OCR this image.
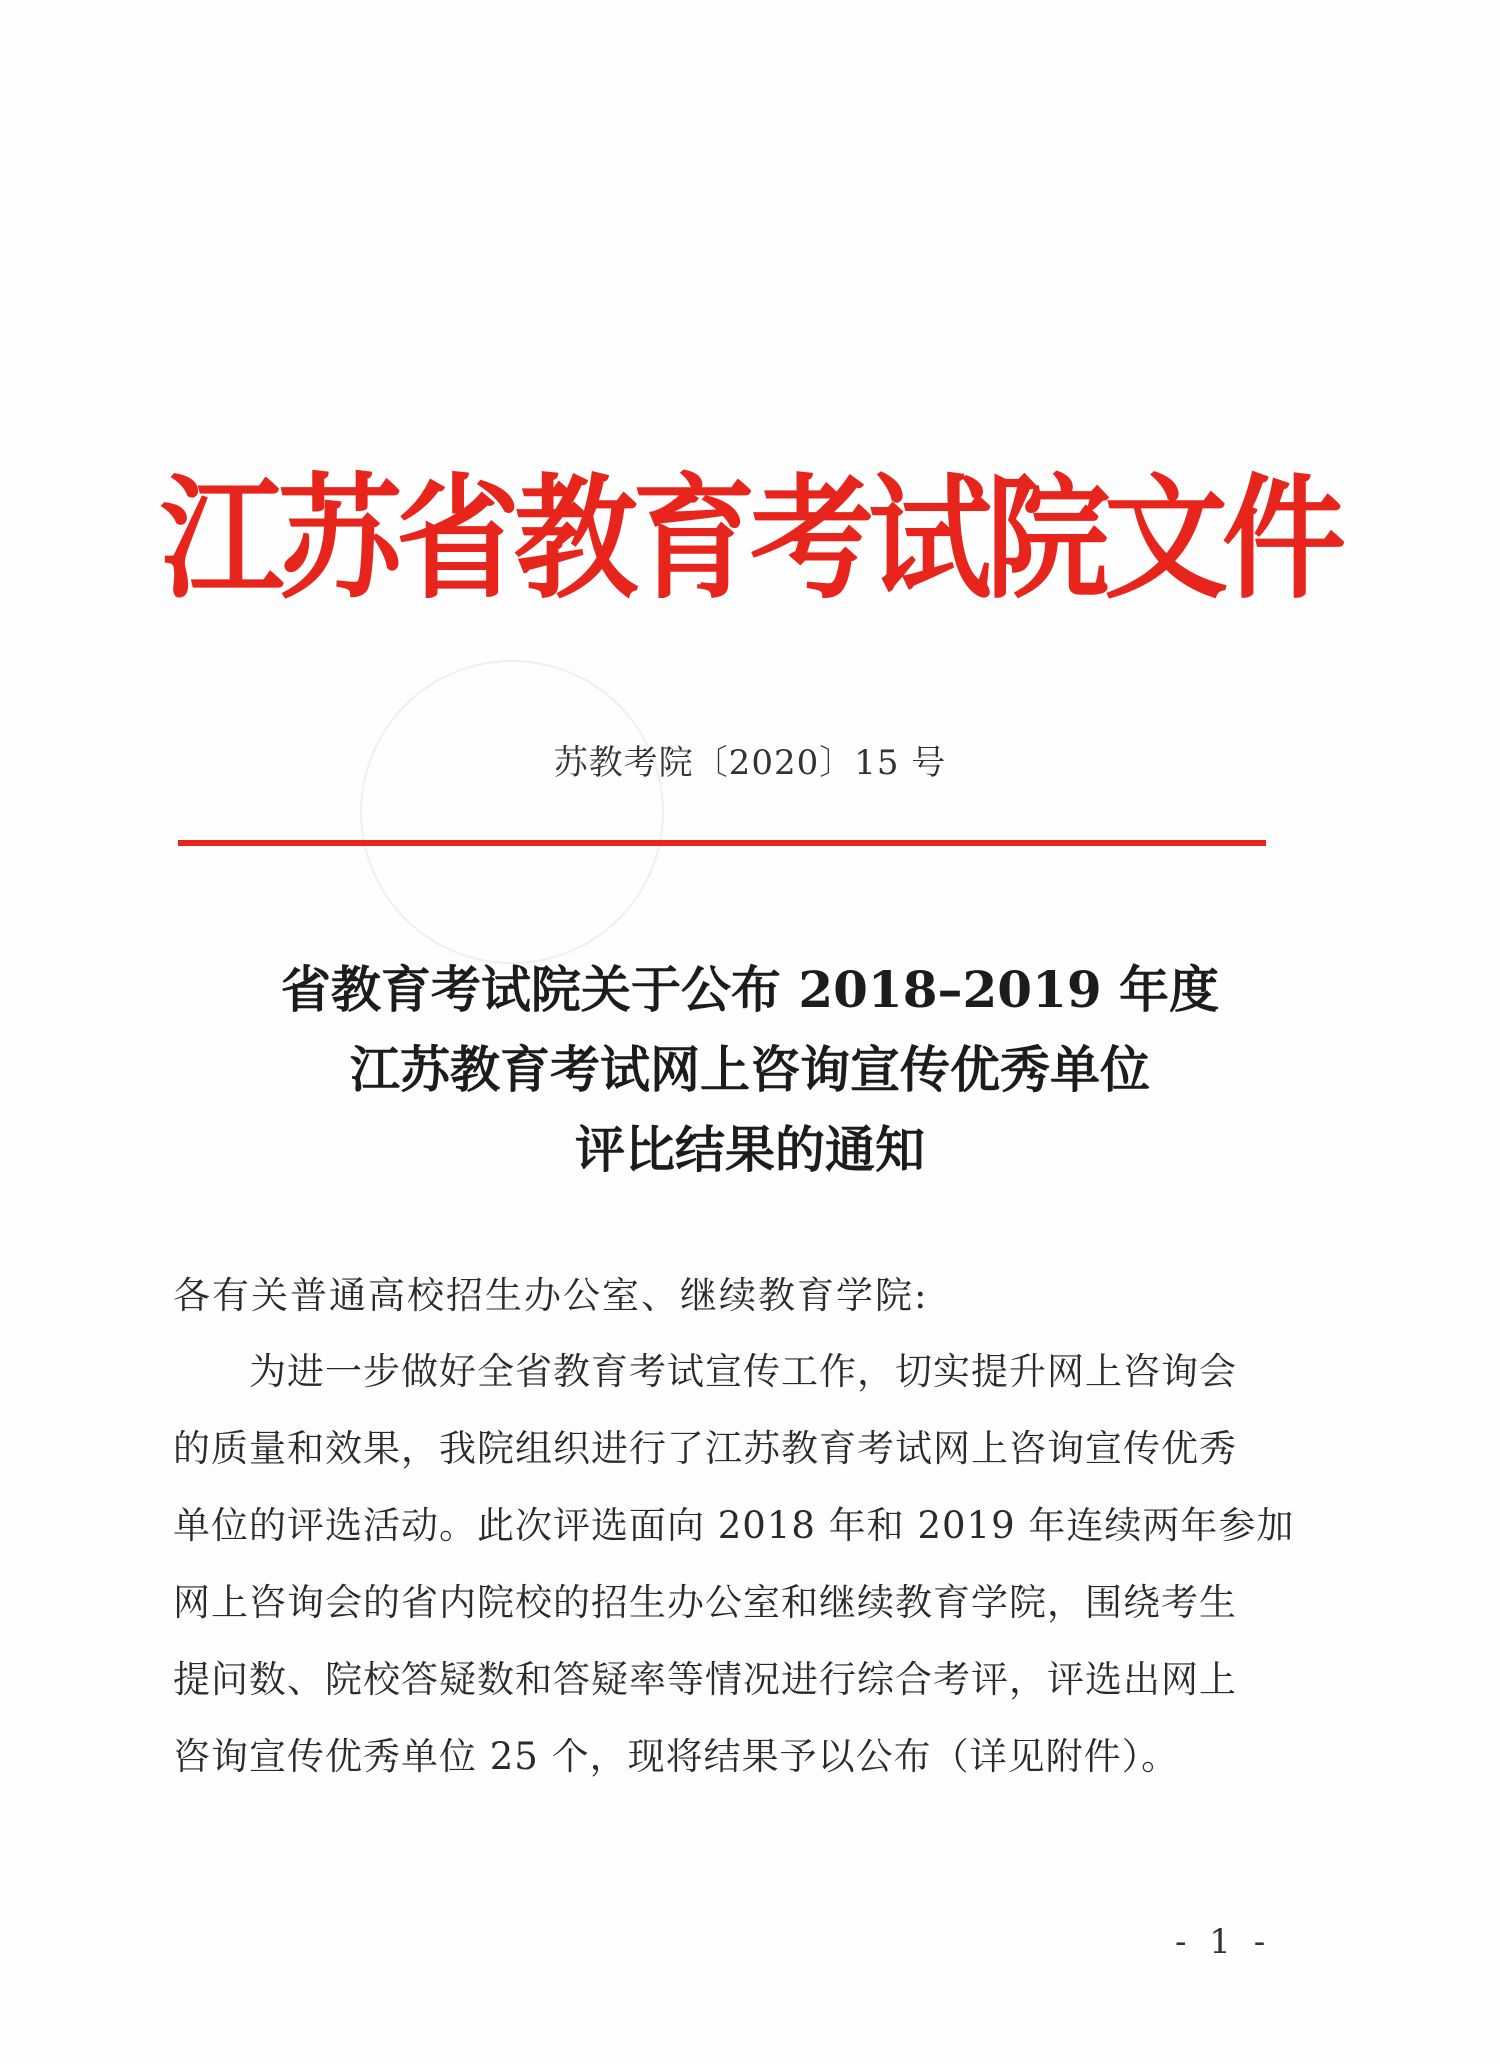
江苏省教育考试院文件
苏教考院〔2020〕15 号
省教育考试院关于公布 2018–2019 年度
江苏教育考试网上咨询宣传优秀单位
评比结果的通知
各有关普通高校招生办公室、继续教育学院:
为进一步做好全省教育考试宣传工作，切实提升网上咨询会
的质量和效果，我院组织进行了江苏教育考试网上咨询宣传优秀
单位的评选活动。此次评选面向 2018 年和 2019 年连续两年参加
网上咨询会的省内院校的招生办公室和继续教育学院，围绕考生
提问数、院校答疑数和答疑率等情况进行综合考评，评选出网上
咨询宣传优秀单位 25 个，现将结果予以公布（详见附件）。
- 1 -
